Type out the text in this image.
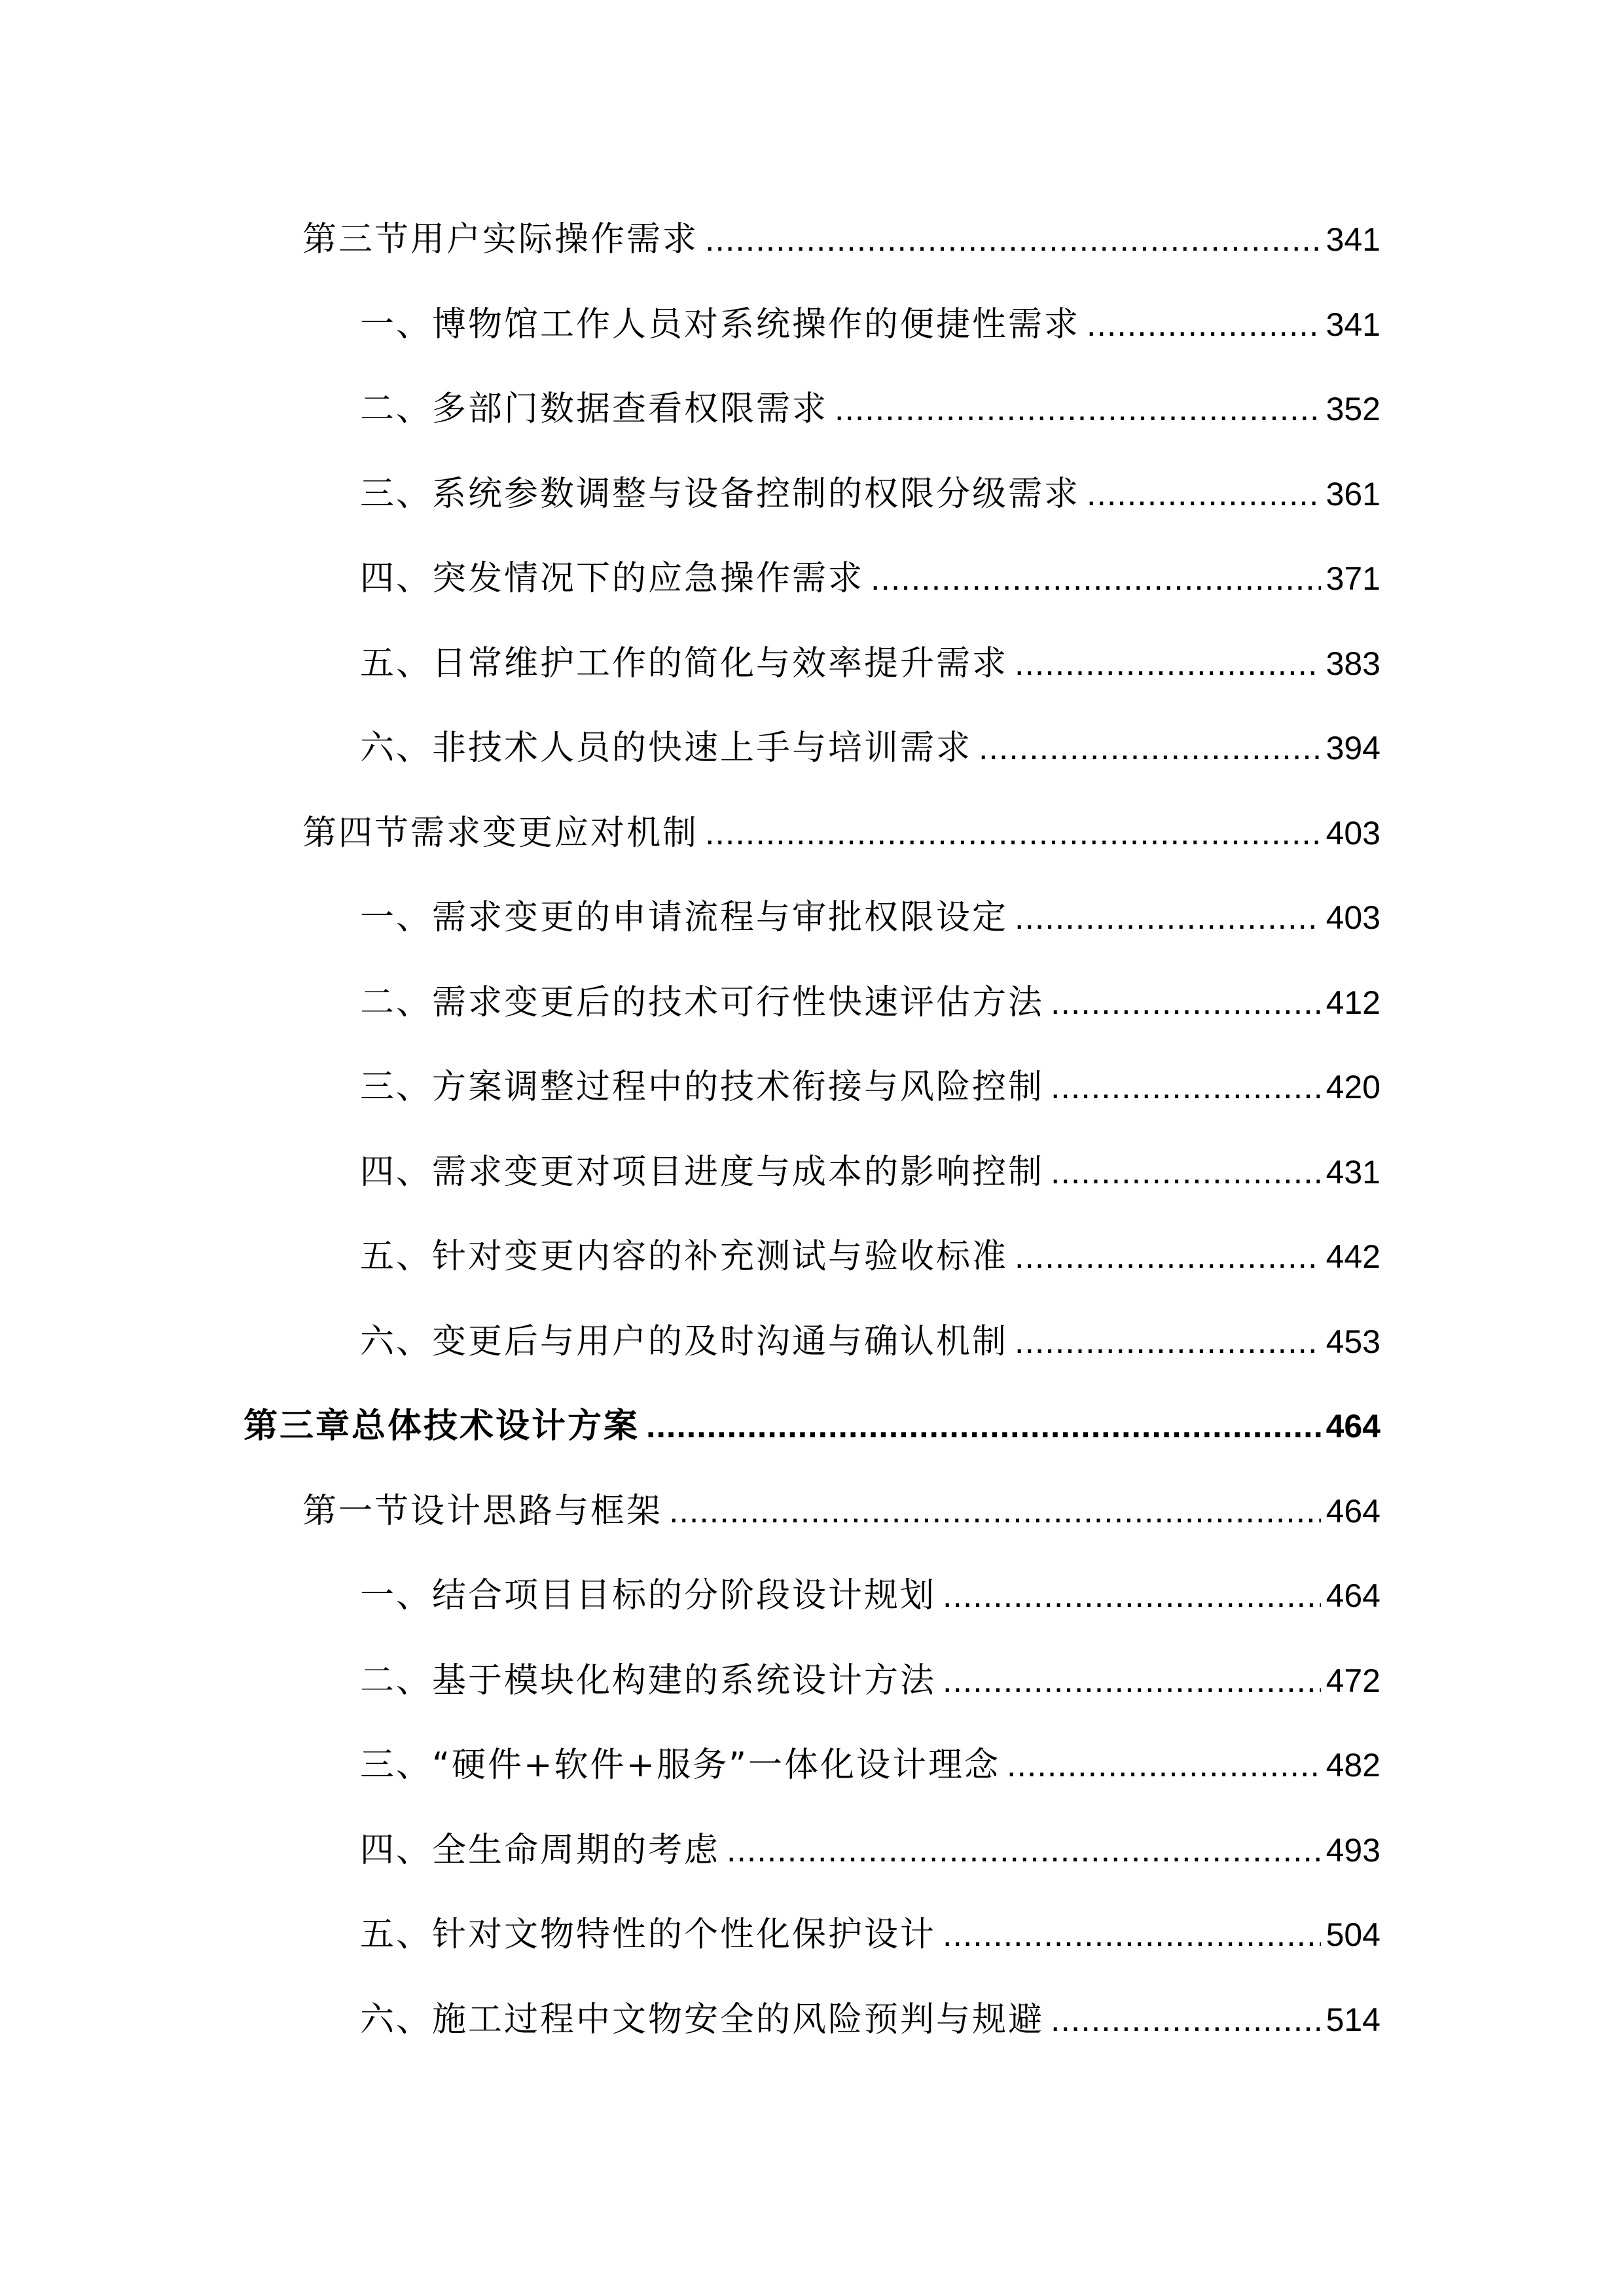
第三节用户实际操作需求 .....	341
一、博物馆工作人员对系统操作的便捷性需求 .....	341
二、多部门数据查看权限需求 .....	352
三、系统参数调整与设备控制的权限分级需求 .....	361
四、突发情况下的应急操作需求 .....	371
五、日常维护工作的简化与效率提升需求 .....	383
六、非技术人员的快速上手与培训需求 .....	394
第四节需求变更应对机制 .....	403
一、需求变更的申请流程与审批权限设定 .....	403
二、需求变更后的技术可行性快速评估方法 .....	412
三、方案调整过程中的技术衔接与风险控制 .....	420
四、需求变更对项目进度与成本的影响控制 .....	431
五、针对变更内容的补充测试与验收标准 .....	442
六、变更后与用户的及时沟通与确认机制 .....	453
第三章总体技术设计方案 .....	464
第一节设计思路与框架 .....	464
一、结合项目目标的分阶段设计规划 .....	464
二、基于模块化构建的系统设计方法 .....	472
三、“硬件+软件+服务”一体化设计理念 .....	482
四、全生命周期的考虑 .....	493
五、针对文物特性的个性化保护设计 .....	504
六、施工过程中文物安全的风险预判与规避 .....	514
